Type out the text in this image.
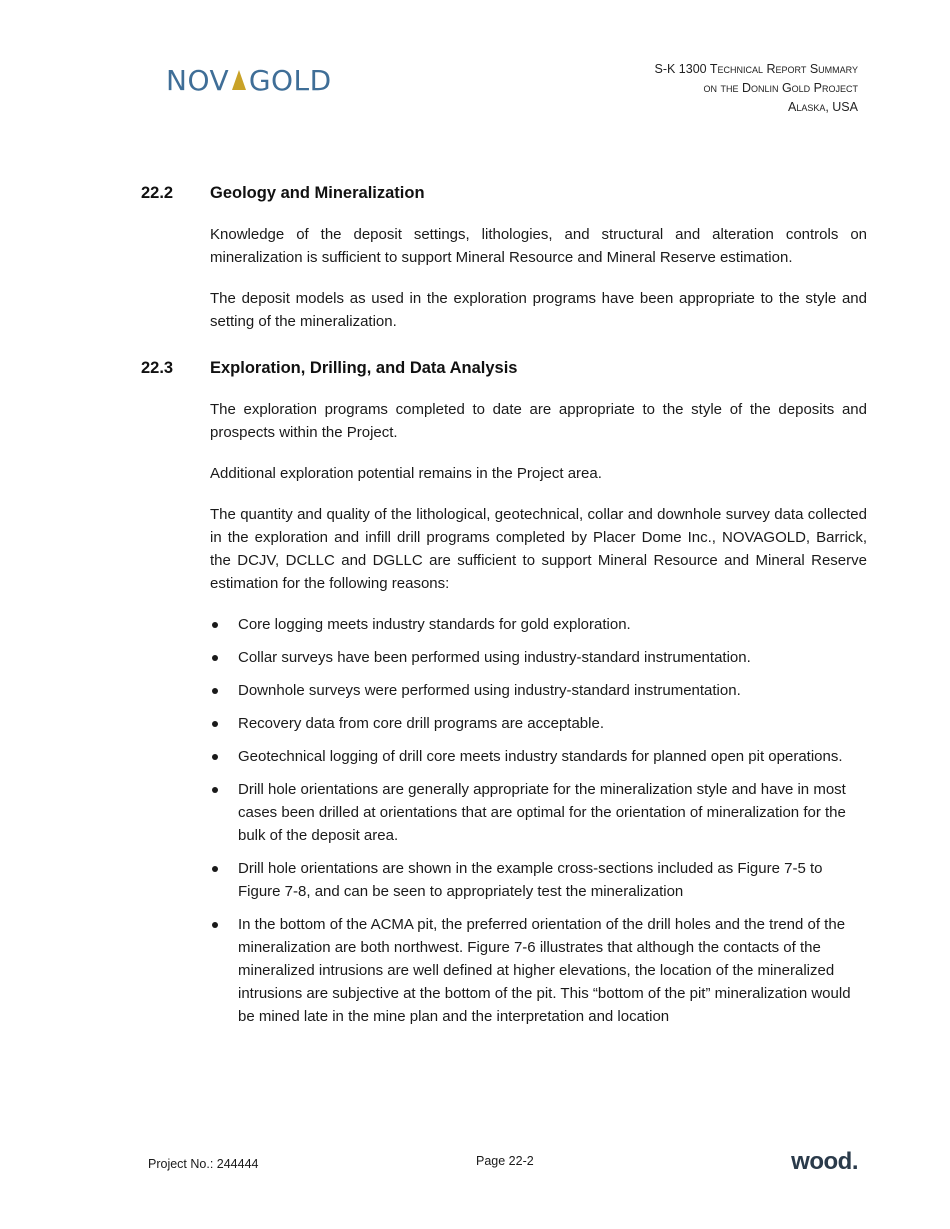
NOV GOLD	S-K 1300 Technical Report Summary
on the Donlin Gold Project
Alaska, USA
22.2	Geology and Mineralization

Knowledge of the deposit settings, lithologies, and structural and alteration controls on mineralization is sufficient to support Mineral Resource and Mineral Reserve estimation.

The deposit models as used in the exploration programs have been appropriate to the style and setting of the mineralization.

22.3	Exploration, Drilling, and Data Analysis

The exploration programs completed to date are appropriate to the style of the deposits and prospects within the Project.

Additional exploration potential remains in the Project area.

The quantity and quality of the lithological, geotechnical, collar and downhole survey data collected in the exploration and infill drill programs completed by Placer Dome Inc., NOVAGOLD, Barrick, the DCJV, DCLLC and DGLLC are sufficient to support Mineral Resource and Mineral Reserve estimation for the following reasons:

Core logging meets industry standards for gold exploration.
Collar surveys have been performed using industry-standard instrumentation.
Downhole surveys were performed using industry-standard instrumentation.
Recovery data from core drill programs are acceptable.
Geotechnical logging of drill core meets industry standards for planned open pit operations.
Drill hole orientations are generally appropriate for the mineralization style and have in most cases been drilled at orientations that are optimal for the orientation of mineralization for the bulk of the deposit area.
Drill hole orientations are shown in the example cross-sections included as Figure 7-5 to Figure 7-8, and can be seen to appropriately test the mineralization
In the bottom of the ACMA pit, the preferred orientation of the drill holes and the trend of the mineralization are both northwest. Figure 7-6 illustrates that although the contacts of the mineralized intrusions are well defined at higher elevations, the location of the mineralized intrusions are subjective at the bottom of the pit. This “bottom of the pit” mineralization would be mined late in the mine plan and the interpretation and location
Project No.: 244444	Page 22-2	wood.
